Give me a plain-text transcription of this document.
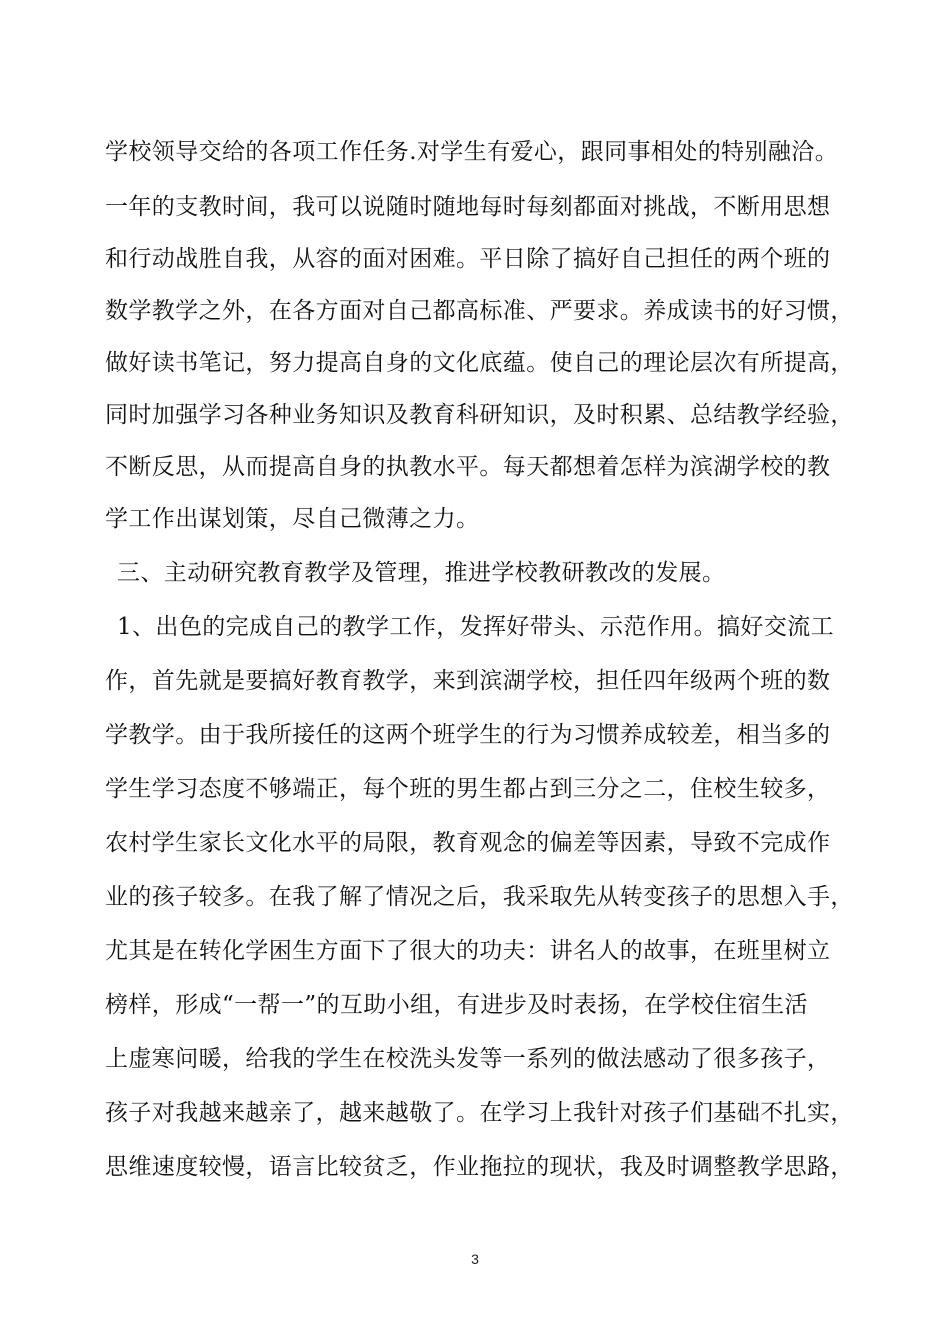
学校领导交给的各项工作任务.对学生有爱心，跟同事相处的特别融洽。
一年的支教时间，我可以说随时随地每时每刻都面对挑战，不断用思想
和行动战胜自我，从容的面对困难。平日除了搞好自己担任的两个班的
数学教学之外，在各方面对自己都高标准、严要求。养成读书的好习惯，
做好读书笔记，努力提高自身的文化底蕴。使自己的理论层次有所提高，
同时加强学习各种业务知识及教育科研知识，及时积累、总结教学经验，
不断反思，从而提高自身的执教水平。每天都想着怎样为滨湖学校的教
学工作出谋划策，尽自己微薄之力。
三、主动研究教育教学及管理，推进学校教研教改的发展。
1、出色的完成自己的教学工作，发挥好带头、示范作用。搞好交流工
作，首先就是要搞好教育教学，来到滨湖学校，担任四年级两个班的数
学教学。由于我所接任的这两个班学生的行为习惯养成较差，相当多的
学生学习态度不够端正，每个班的男生都占到三分之二，住校生较多，
农村学生家长文化水平的局限，教育观念的偏差等因素，导致不完成作
业的孩子较多。在我了解了情况之后，我采取先从转变孩子的思想入手，
尤其是在转化学困生方面下了很大的功夫：讲名人的故事，在班里树立
榜样，形成“一帮一”的互助小组，有进步及时表扬，在学校住宿生活
上虚寒问暖，给我的学生在校洗头发等一系列的做法感动了很多孩子，
孩子对我越来越亲了，越来越敬了。在学习上我针对孩子们基础不扎实，
思维速度较慢，语言比较贫乏，作业拖拉的现状，我及时调整教学思路，
3
